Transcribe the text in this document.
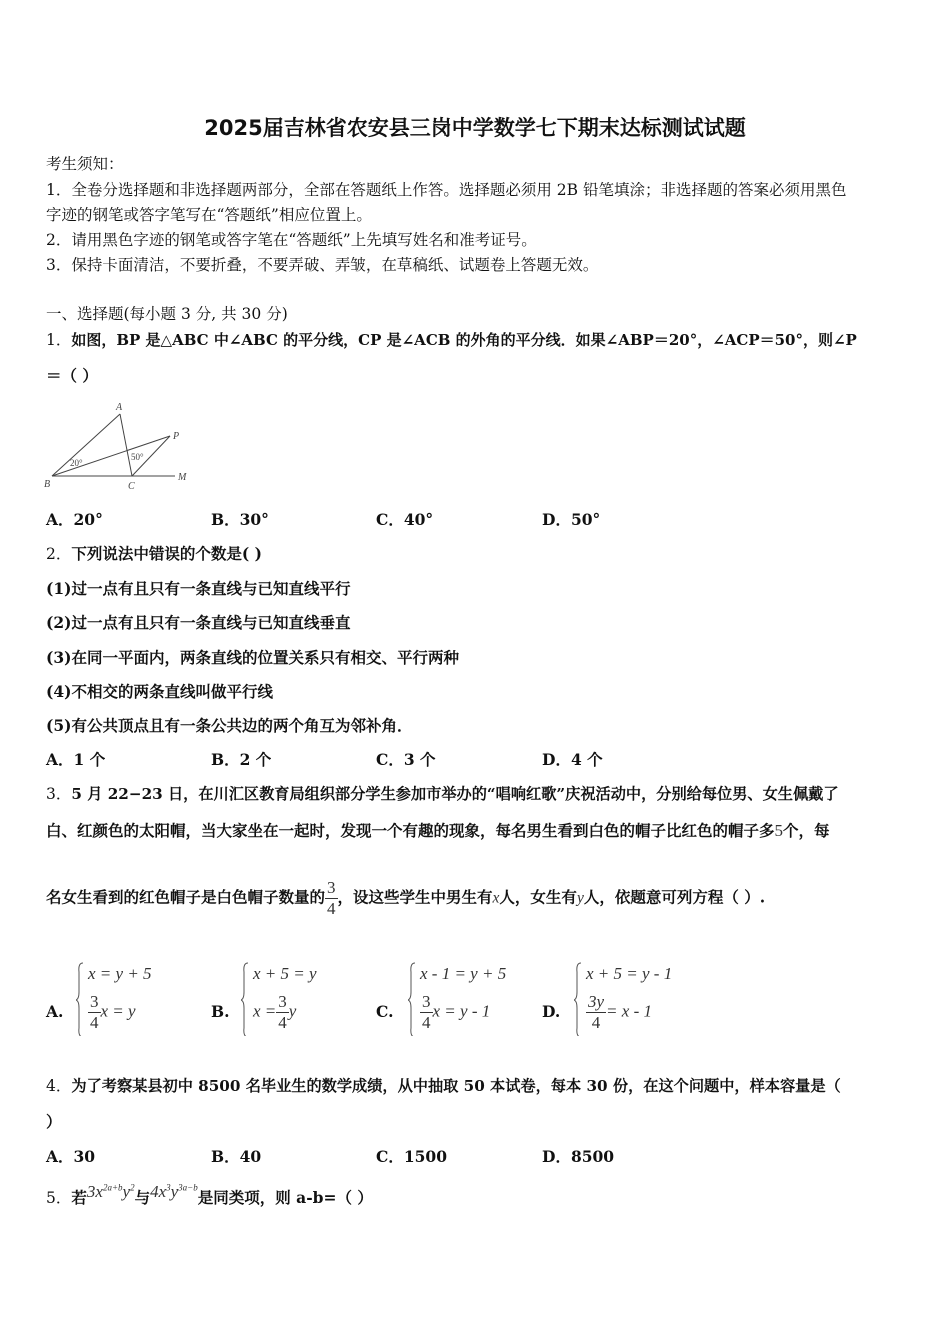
2025届吉林省农安县三岗中学数学七下期末达标测试试题
考生须知：
1．全卷分选择题和非选择题两部分，全部在答题纸上作答。选择题必须用 2B 铅笔填涂；非选择题的答案必须用黑色
字迹的钢笔或答字笔写在“答题纸”相应位置上。
2．请用黑色字迹的钢笔或答字笔在“答题纸”上先填写姓名和准考证号。
3．保持卡面清洁，不要折叠，不要弄破、弄皱，在草稿纸、试题卷上答题无效。
一、选择题(每小题 3 分, 共 30 分)
1．如图，BP 是△ABC 中∠ABC 的平分线，CP 是∠ACB 的外角的平分线．如果∠ABP＝20°，∠ACP＝50°，则∠P
＝（ ）
A
B	C
P
M
20°
50°
A．20°	B．30°	C．40°	D．50°
2．下列说法中错误的个数是( )
(1)过一点有且只有一条直线与已知直线平行
(2)过一点有且只有一条直线与已知直线垂直
(3)在同一平面内，两条直线的位置关系只有相交、平行两种
(4)不相交的两条直线叫做平行线
(5)有公共顶点且有一条公共边的两个角互为邻补角．
A．1 个	B．2 个	C．3 个	D．4 个
3．5 月 22−23 日，在川汇区教育局组织部分学生参加市举办的“唱响红歌”庆祝活动中，分别给每位男、女生佩戴了
白、红颜色的太阳帽，当大家坐在一起时，发现一个有趣的现象，每名男生看到白色的帽子比红色的帽子多5个，每
名女生看到的红色帽子是白色帽子数量的 $\frac{3}{4}$ ，设这些学生中男生有x人，女生有y人，依题意可列方程（ ）.
A.
x = y + 5
$\frac{3}{4}$ x = y	B.
x + 5 = y
$x = \frac{3}{4}$ y	C.
x - 1 = y + 5
$\frac{3}{4}$ x = y - 1	D.
x + 5 = y - 1
$\frac{3y}{4} = x - 1$
4．为了考察某县初中 8500 名毕业生的数学成绩，从中抽取 50 本试卷，每本 30 份，在这个问题中，样本容量是（
）
A．30	B．40	C．1500	D．8500
5．若$3x^{2a+b}y^2$与$4x^3y^{3a-b}$是同类项，则 a-b=（ ）
